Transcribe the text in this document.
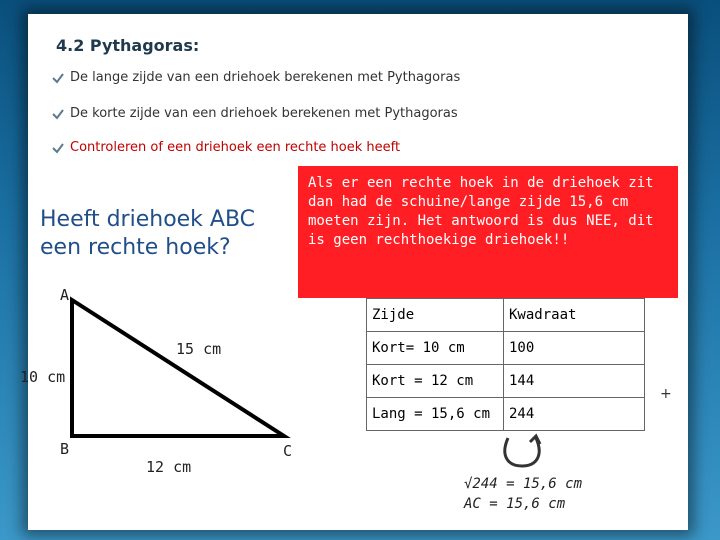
4.2 Pythagoras:
De lange zijde van een driehoek berekenen met Pythagoras
De korte zijde van een driehoek berekenen met Pythagoras
Controleren of een driehoek een rechte hoek heeft
Heeft driehoek ABC
een rechte hoek?
Als er een rechte hoek in de driehoek zit dan had de schuine/lange zijde 15,6 cm moeten zijn. Het antwoord is dus NEE, dit is geen rechthoekige driehoek!!
A
B	C
10 cm
12 cm
15 cm
Zijde	Kwadraat
Kort= 10 cm	100
Kort = 12 cm	144
Lang = 15,6 cm	244
√244 = 15,6 cm
AC = 15,6 cm
+
